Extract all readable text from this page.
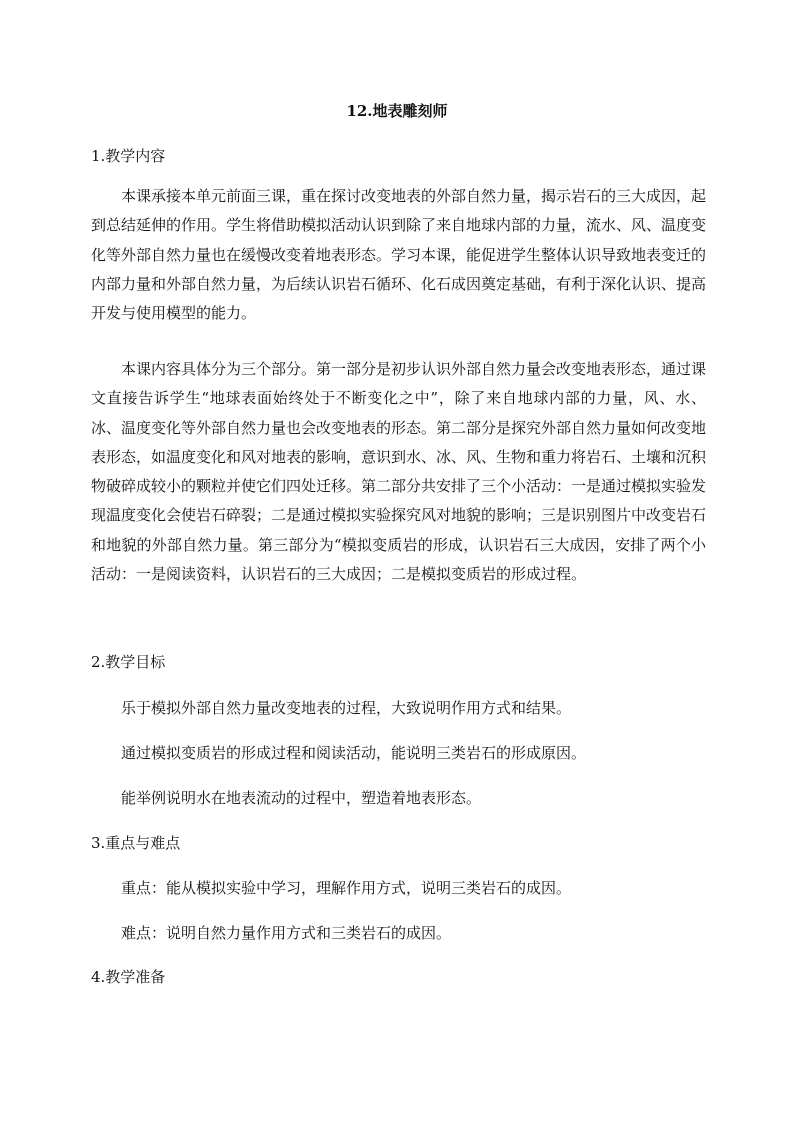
12.地表雕刻师
1.教学内容

本课承接本单元前面三课，重在探讨改变地表的外部自然力量，揭示岩石的三大成因，起到总结延伸的作用。学生将借助模拟活动认识到除了来自地球内部的力量，流水、风、温度变化等外部自然力量也在缓慢改变着地表形态。学习本课，能促进学生整体认识导致地表变迁的内部力量和外部自然力量，为后续认识岩石循环、化石成因奠定基础，有利于深化认识、提高开发与使用模型的能力。

本课内容具体分为三个部分。第一部分是初步认识外部自然力量会改变地表形态，通过课文直接告诉学生“地球表面始终处于不断变化之中”，除了来自地球内部的力量，风、水、冰、温度变化等外部自然力量也会改变地表的形态。第二部分是探究外部自然力量如何改变地表形态，如温度变化和风对地表的影响，意识到水、冰、风、生物和重力将岩石、土壤和沉积物破碎成较小的颗粒并使它们四处迁移。第二部分共安排了三个小活动：一是通过模拟实验发现温度变化会使岩石碎裂；二是通过模拟实验探究风对地貌的影响；三是识别图片中改变岩石和地貌的外部自然力量。第三部分为“模拟变质岩的形成，认识岩石三大成因，安排了两个小活动：一是阅读资料，认识岩石的三大成因；二是模拟变质岩的形成过程。

2.教学目标
乐于模拟外部自然力量改变地表的过程，大致说明作用方式和结果。
通过模拟变质岩的形成过程和阅读活动，能说明三类岩石的形成原因。
能举例说明水在地表流动的过程中，塑造着地表形态。
3.重点与难点
重点：能从模拟实验中学习，理解作用方式，说明三类岩石的成因。
难点：说明自然力量作用方式和三类岩石的成因。
4.教学准备
